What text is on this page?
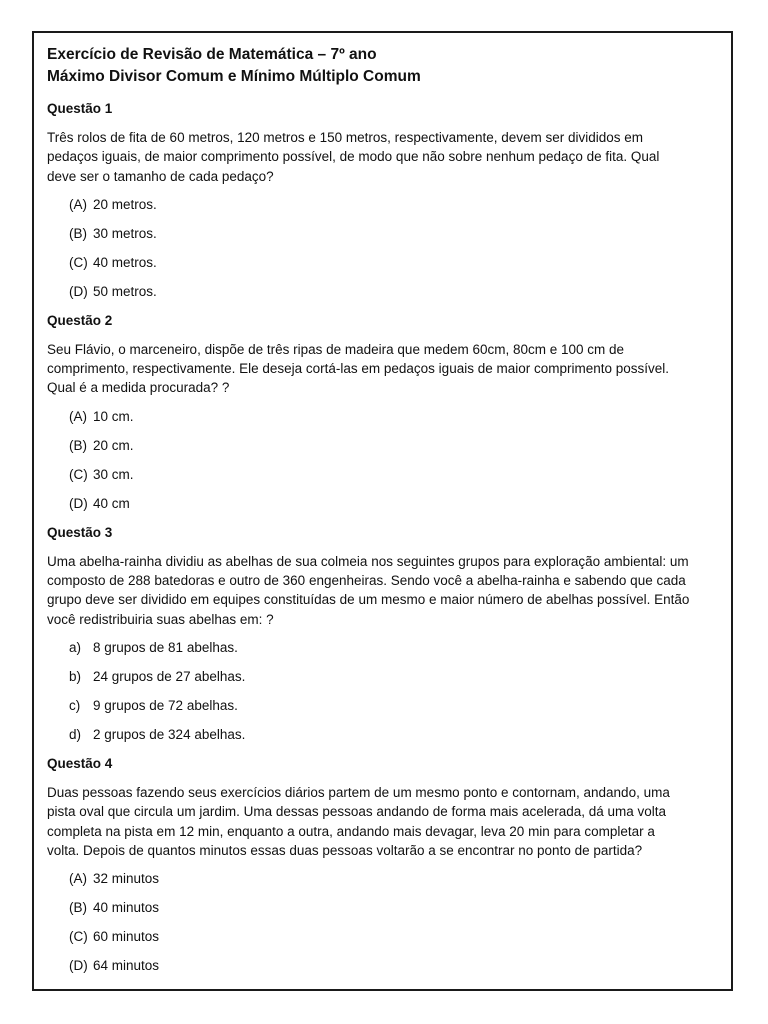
Exercício de Revisão de Matemática – 7º ano

Máximo Divisor Comum e Mínimo Múltiplo Comum

Questão 1

Três rolos de fita de 60 metros, 120 metros e 150 metros, respectivamente, devem ser divididos em

pedaços iguais, de maior comprimento possível, de modo que não sobre nenhum pedaço de fita. Qual

deve ser o tamanho de cada pedaço?

(A) 20 metros.
(B) 30 metros.
(C) 40 metros.
(D) 50 metros.

Questão 2

Seu Flávio, o marceneiro, dispõe de três ripas de madeira que medem 60cm, 80cm e 100 cm de

comprimento, respectivamente. Ele deseja cortá-las em pedaços iguais de maior comprimento possível.

Qual é a medida procurada? ?

(A) 10 cm.
(B) 20 cm.
(C) 30 cm.
(D) 40 cm

Questão 3

Uma abelha-rainha dividiu as abelhas de sua colmeia nos seguintes grupos para exploração ambiental: um

composto de 288 batedoras e outro de 360 engenheiras. Sendo você a abelha-rainha e sabendo que cada

grupo deve ser dividido em equipes constituídas de um mesmo e maior número de abelhas possível. Então

você redistribuiria suas abelhas em: ?

a) 8 grupos de 81 abelhas.
b) 24 grupos de 27 abelhas.
c) 9 grupos de 72 abelhas.
d) 2 grupos de 324 abelhas.

Questão 4

Duas pessoas fazendo seus exercícios diários partem de um mesmo ponto e contornam, andando, uma

pista oval que circula um jardim. Uma dessas pessoas andando de forma mais acelerada, dá uma volta

completa na pista em 12 min, enquanto a outra, andando mais devagar, leva 20 min para completar a

volta. Depois de quantos minutos essas duas pessoas voltarão a se encontrar no ponto de partida?

(A) 32 minutos
(B) 40 minutos
(C) 60 minutos
(D) 64 minutos
